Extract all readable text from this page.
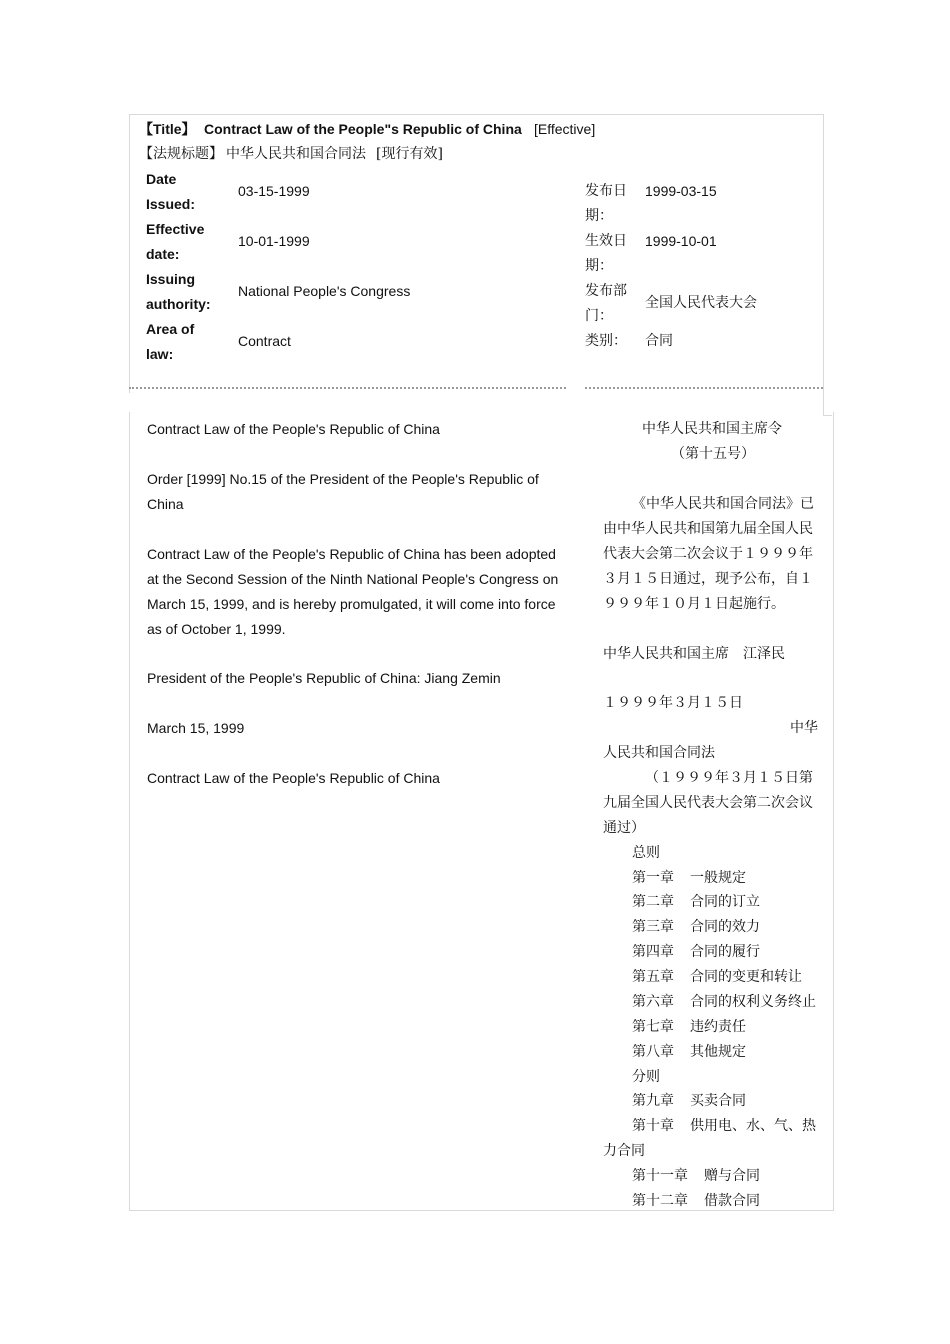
【Title】 Contract Law of the People"s Republic of China [Effective]
【法规标题】 中华人民共和国合同法 [现行有效]
Date
Issued:
03-15-1999
Effective
date:
10-01-1999
Issuing
authority:
National People's Congress
Area of
law:
Contract
发布日
期：
1999-03-15
生效日
期：
1999-10-01
发布部
门：
全国人民代表大会
类别： 合同
Contract Law of the People's Republic of China
Order [1999] No.15 of the President of the People's Republic of
China
Contract Law of the People's Republic of China has been adopted
at the Second Session of the Ninth National People's Congress on
March 15, 1999, and is hereby promulgated, it will come into force
as of October 1, 1999.
President of the People's Republic of China: Jiang Zemin
March 15, 1999
Contract Law of the People's Republic of China
中华人民共和国主席令
（第十五号）
《中华人民共和国合同法》已
由中华人民共和国第九届全国人民
代表大会第二次会议于１９９９年
３月１５日通过，现予公布，自１
９９９年１０月１日起施行。
中华人民共和国主席　江泽民
１９９９年３月１５日
中华
人民共和国合同法
（１９９９年３月１５日第
九届全国人民代表大会第二次会议
通过）
总则
第一章 一般规定
第二章 合同的订立
第三章 合同的效力
第四章 合同的履行
第五章 合同的变更和转让
第六章 合同的权利义务终止
第七章 违约责任
第八章 其他规定
分则
第九章 买卖合同
第十章 供用电、水、气、热
力合同
第十一章 赠与合同
第十二章 借款合同
